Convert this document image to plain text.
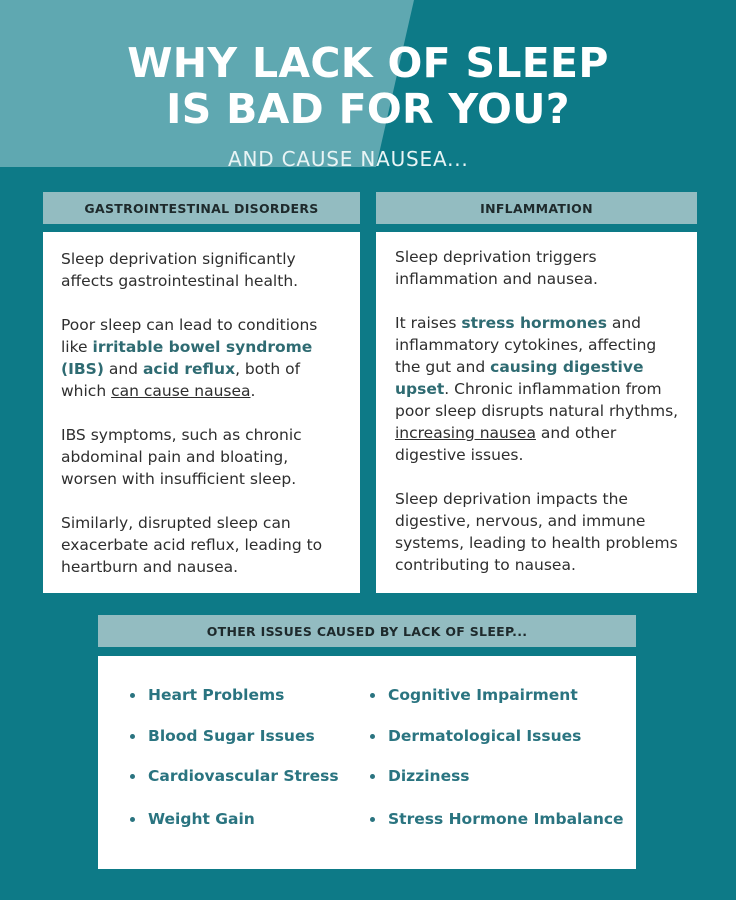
WHY LACK OF SLEEP
IS BAD FOR YOU?
AND CAUSE NAUSEA...
GASTROINTESTINAL DISORDERS

Sleep deprivation significantly affects gastrointestinal health.

Poor sleep can lead to conditions like irritable bowel syndrome (IBS) and acid reflux, both of which can cause nausea.

IBS symptoms, such as chronic abdominal pain and bloating, worsen with insufficient sleep.

Similarly, disrupted sleep can exacerbate acid reflux, leading to heartburn and nausea.

INFLAMMATION

Sleep deprivation triggers inflammation and nausea.

It raises stress hormones and inflammatory cytokines, affecting the gut and causing digestive upset. Chronic inflammation from poor sleep disrupts natural rhythms, increasing nausea and other digestive issues.

Sleep deprivation impacts the digestive, nervous, and immune systems, leading to health problems contributing to nausea.

OTHER ISSUES CAUSED BY LACK OF SLEEP...
Heart Problems
Blood Sugar Issues
Cardiovascular Stress
Weight Gain
Cognitive Impairment
Dermatological Issues
Dizziness
Stress Hormone Imbalance
